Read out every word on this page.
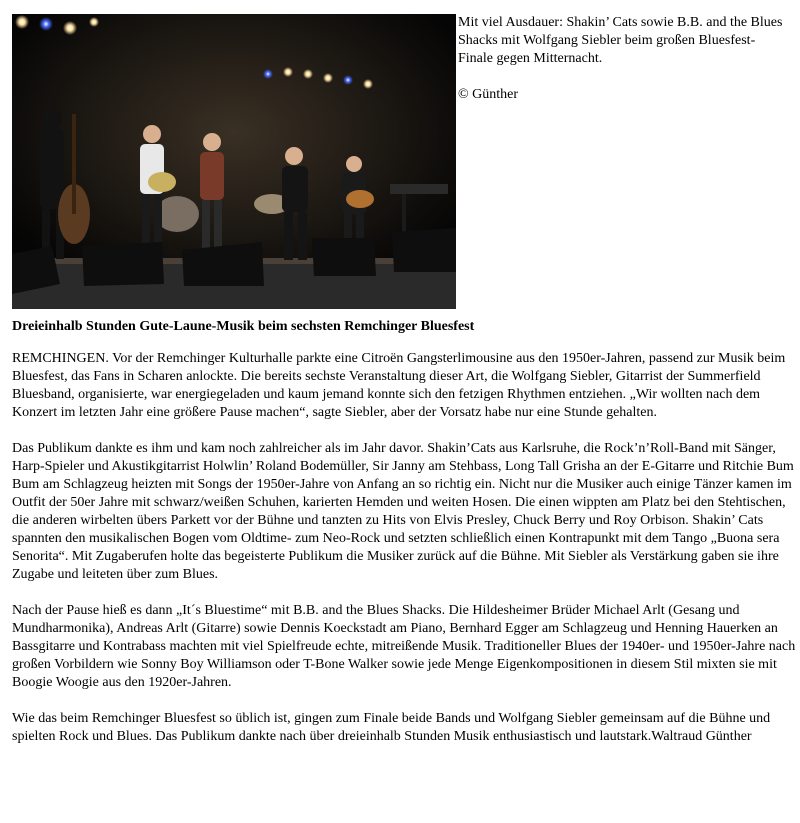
Mit viel Ausdauer: Shakin’ Cats sowie B.B. and the Blues Shacks mit Wolfgang Siebler beim großen Bluesfest-Finale gegen Mitternacht.

© Günther

Dreieinhalb Stunden Gute-Laune-Musik beim sechsten Remchinger Bluesfest

REMCHINGEN. Vor der Remchinger Kulturhalle parkte eine Citroën Gangsterlimousine aus den 1950er-Jahren, passend zur Musik beim Bluesfest, das Fans in Scharen anlockte. Die bereits sechste Veranstaltung dieser Art, die Wolfgang Siebler, Gitarrist der Summerfield Bluesband, organisierte, war energiegeladen und kaum jemand konnte sich den fetzigen Rhythmen entziehen. „Wir wollten nach dem Konzert im letzten Jahr eine größere Pause machen“, sagte Siebler, aber der Vorsatz habe nur eine Stunde gehalten.

Das Publikum dankte es ihm und kam noch zahlreicher als im Jahr davor. Shakin’Cats aus Karlsruhe, die Rock’n’Roll-Band mit Sänger, Harp-Spieler und Akustikgitarrist Holwlin’ Roland Bodemüller, Sir Janny am Stehbass, Long Tall Grisha an der E-Gitarre und Ritchie Bum Bum am Schlagzeug heizten mit Songs der 1950er-Jahre von Anfang an so richtig ein. Nicht nur die Musiker auch einige Tänzer kamen im Outfit der 50er Jahre mit schwarz/weißen Schuhen, karierten Hemden und weiten Hosen. Die einen wippten am Platz bei den Stehtischen, die anderen wirbelten übers Parkett vor der Bühne und tanzten zu Hits von Elvis Presley, Chuck Berry und Roy Orbison. Shakin’ Cats spannten den musikalischen Bogen vom Oldtime- zum Neo-Rock und setzten schließlich einen Kontrapunkt mit dem Tango „Buona sera Senorita“. Mit Zugaberufen holte das begeisterte Publikum die Musiker zurück auf die Bühne. Mit Siebler als Verstärkung gaben sie ihre Zugabe und leiteten über zum Blues.

Nach der Pause hieß es dann „It´s Bluestime“ mit B.B. and the Blues Shacks. Die Hildesheimer Brüder Michael Arlt (Gesang und Mundharmonika), Andreas Arlt (Gitarre) sowie Dennis Koeckstadt am Piano, Bernhard Egger am Schlagzeug und Henning Hauerken an Bassgitarre und Kontrabass machten mit viel Spielfreude echte, mitreißende Musik. Traditioneller Blues der 1940er- und 1950er-Jahre nach großen Vorbildern wie Sonny Boy Williamson oder T-Bone Walker sowie jede Menge Eigenkompositionen in diesem Stil mixten sie mit Boogie Woogie aus den 1920er-Jahren.

Wie das beim Remchinger Bluesfest so üblich ist, gingen zum Finale beide Bands und Wolfgang Siebler gemeinsam auf die Bühne und spielten Rock und Blues. Das Publikum dankte nach über dreieinhalb Stunden Musik enthusiastisch und lautstark.Waltraud Günther
